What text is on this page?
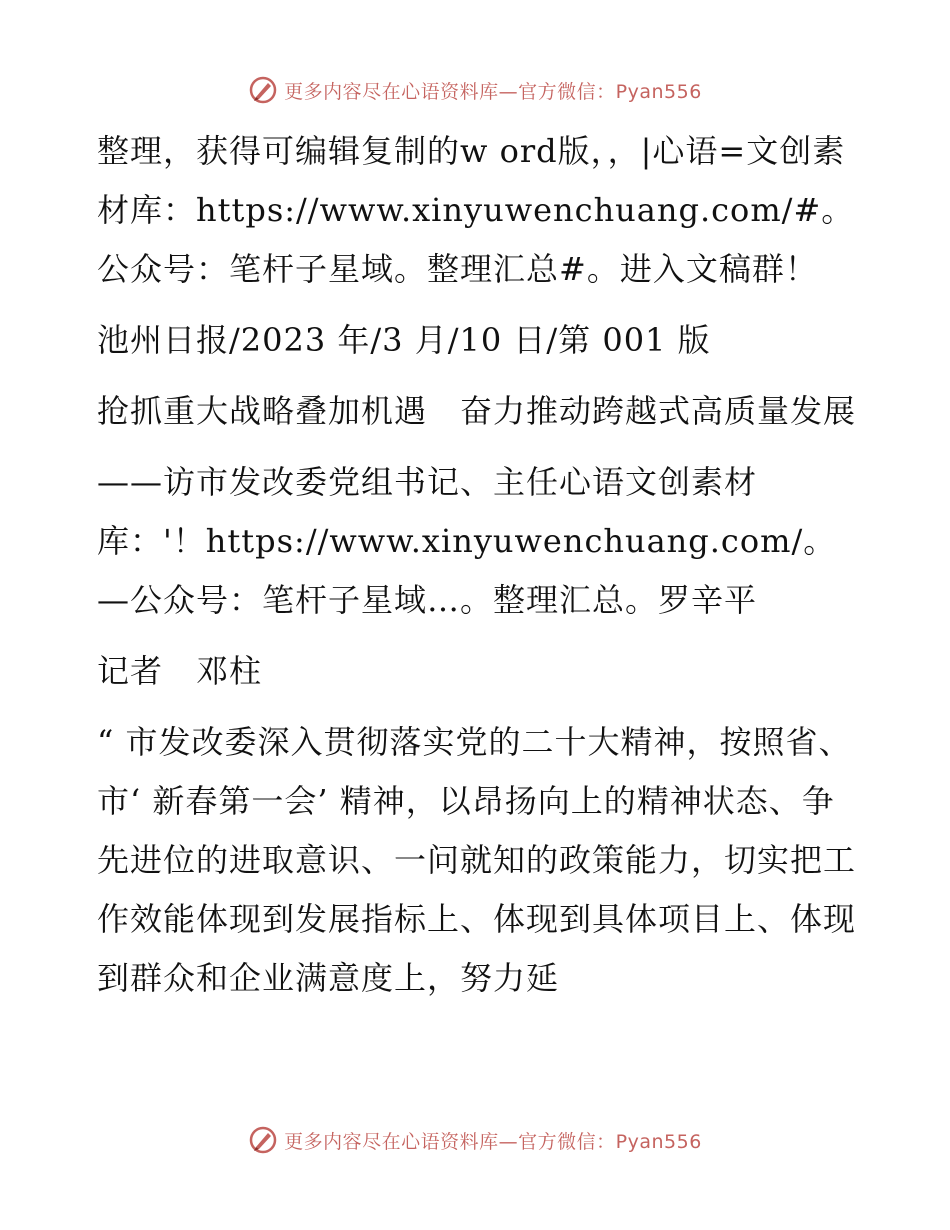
更多内容尽在心语资料库—官方微信：Pyan556

整理，获得可编辑复制的w ord版，，|心语=文创素材库：https://www.xinyuwenchuang.com/#。公众号：笔杆子星域。整理汇总#。进入文稿群！

池州日报/2023 年/3 月/10 日/第 001 版

抢抓重大战略叠加机遇　奋力推动跨越式高质量发展

——访市发改委党组书记、主任心语文创素材库：'！https://www.xinyuwenchuang.com/。—公众号：笔杆子星域…。整理汇总。罗辛平

记者　邓柱

“ 市发改委深入贯彻落实党的二十大精神，按照省、市‘ 新春第一会’ 精神，以昂扬向上的精神状态、争先进位的进取意识、一问就知的政策能力，切实把工作效能体现到发展指标上、体现到具体项目上、体现到群众和企业满意度上，努力延

更多内容尽在心语资料库—官方微信：Pyan556
